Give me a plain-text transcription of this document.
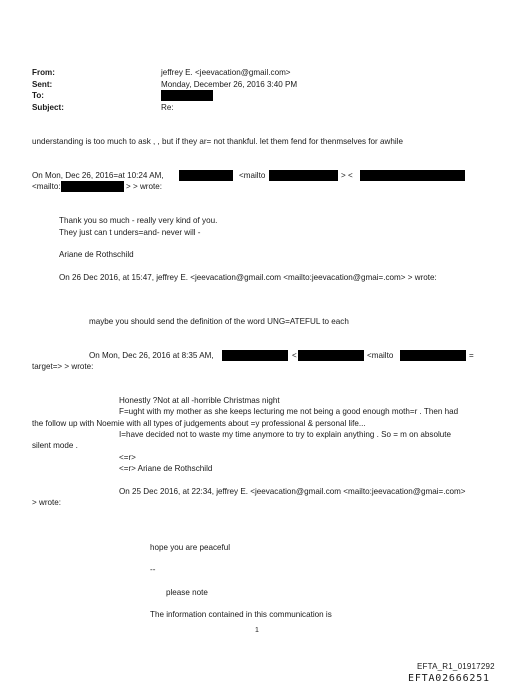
From:	jeffrey E. <jeevacation@gmail.com>
Sent:	Monday, December 26, 2016 3:40 PM
To:
Subject:	Re:
understanding is too much to ask , , but if they ar= not thankful. let them fend for thenmselves for awhile
On Mon, Dec 26, 2016=at 10:24 AM,	<mailto	> <
<mailto:	> > wrote:
Thank you so much - really very kind of you.
They just can t unders=and- never will -
Ariane de Rothschild
On 26 Dec 2016, at 15:47, jeffrey E. <jeevacation@gmail.com <mailto:jeevacation@gmai=.com> > wrote:
maybe you should send the definition of the word UNG=ATEFUL to each
On Mon, Dec 26, 2016 at 8:35 AM,	<	<mailto	=
target=> > wrote:
Honestly ?Not at all -horrible Christmas night
F=ught with my mother as she keeps lecturing me not being a good enough moth=r . Then had
the follow up with Noemie with all types of judgements about =y professional & personal life...
I=have decided not to waste my time anymore to try to explain anything . So = m on absolute
silent mode .
<=r>
<=r> Ariane de Rothschild
On 25 Dec 2016, at 22:34, jeffrey E. <jeevacation@gmail.com <mailto:jeevacation@gmai=.com>
> wrote:
hope you are peaceful
--
please note
The information contained in this communication is
1
EFTA_R1_01917292
EFTA02666251
